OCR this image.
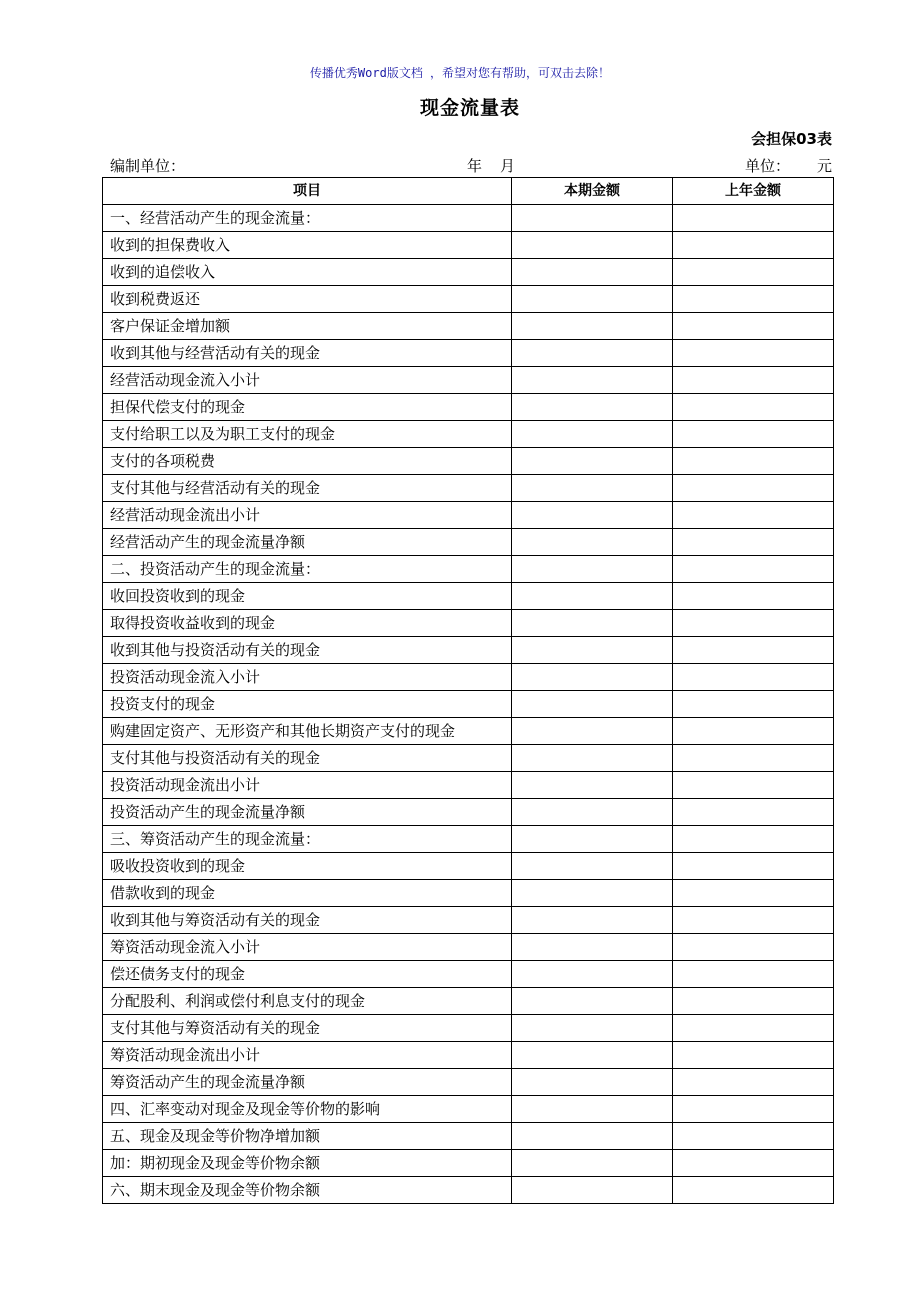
传播优秀Word版文档 ，希望对您有帮助，可双击去除！
现金流量表
会担保03表
编制单位：	年 月	单位： 元
项目	本期金额	上年金额
一、经营活动产生的现金流量：		
收到的担保费收入		
收到的追偿收入		
收到税费返还		
客户保证金增加额		
收到其他与经营活动有关的现金		
经营活动现金流入小计		
担保代偿支付的现金		
支付给职工以及为职工支付的现金		
支付的各项税费		
支付其他与经营活动有关的现金		
经营活动现金流出小计		
经营活动产生的现金流量净额		
二、投资活动产生的现金流量：		
收回投资收到的现金		
取得投资收益收到的现金		
收到其他与投资活动有关的现金		
投资活动现金流入小计		
投资支付的现金		
购建固定资产、无形资产和其他长期资产支付的现金		
支付其他与投资活动有关的现金		
投资活动现金流出小计		
投资活动产生的现金流量净额		
三、筹资活动产生的现金流量：		
吸收投资收到的现金		
借款收到的现金		
收到其他与筹资活动有关的现金		
筹资活动现金流入小计		
偿还债务支付的现金		
分配股利、利润或偿付利息支付的现金		
支付其他与筹资活动有关的现金		
筹资活动现金流出小计		
筹资活动产生的现金流量净额		
四、汇率变动对现金及现金等价物的影响		
五、现金及现金等价物净增加额		
加：期初现金及现金等价物余额		
六、期末现金及现金等价物余额		
